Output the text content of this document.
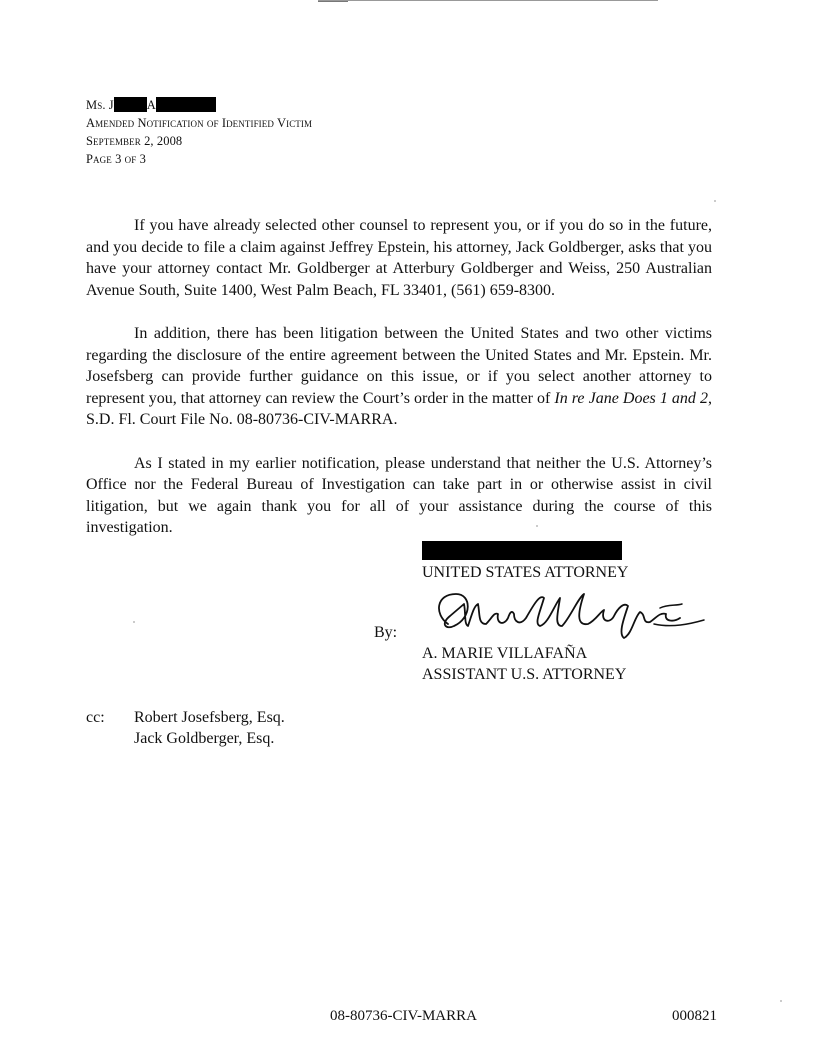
Ms. J	A
Amended Notification of Identified Victim
September 2, 2008
Page 3 of 3

If you have already selected other counsel to represent you, or if you do so in the future, and you decide to file a claim against Jeffrey Epstein, his attorney, Jack Goldberger, asks that you have your attorney contact Mr. Goldberger at Atterbury Goldberger and Weiss, 250 Australian Avenue South, Suite 1400, West Palm Beach, FL 33401, (561) 659-8300.

In addition, there has been litigation between the United States and two other victims regarding the disclosure of the entire agreement between the United States and Mr. Epstein. Mr. Josefsberg can provide further guidance on this issue, or if you select another attorney to represent you, that attorney can review the Court’s order in the matter of In re Jane Does 1 and 2, S.D. Fl. Court File No. 08-80736-CIV-MARRA.

As I stated in my earlier notification, please understand that neither the U.S. Attorney’s Office nor the Federal Bureau of Investigation can take part in or otherwise assist in civil litigation, but we again thank you for all of your assistance during the course of this investigation.

UNITED STATES ATTORNEY
By:
A. MARIE VILLAFAÑA
ASSISTANT U.S. ATTORNEY
cc: Robert Josefsberg, Esq.
Jack Goldberger, Esq.
08-80736-CIV-MARRA	000821
